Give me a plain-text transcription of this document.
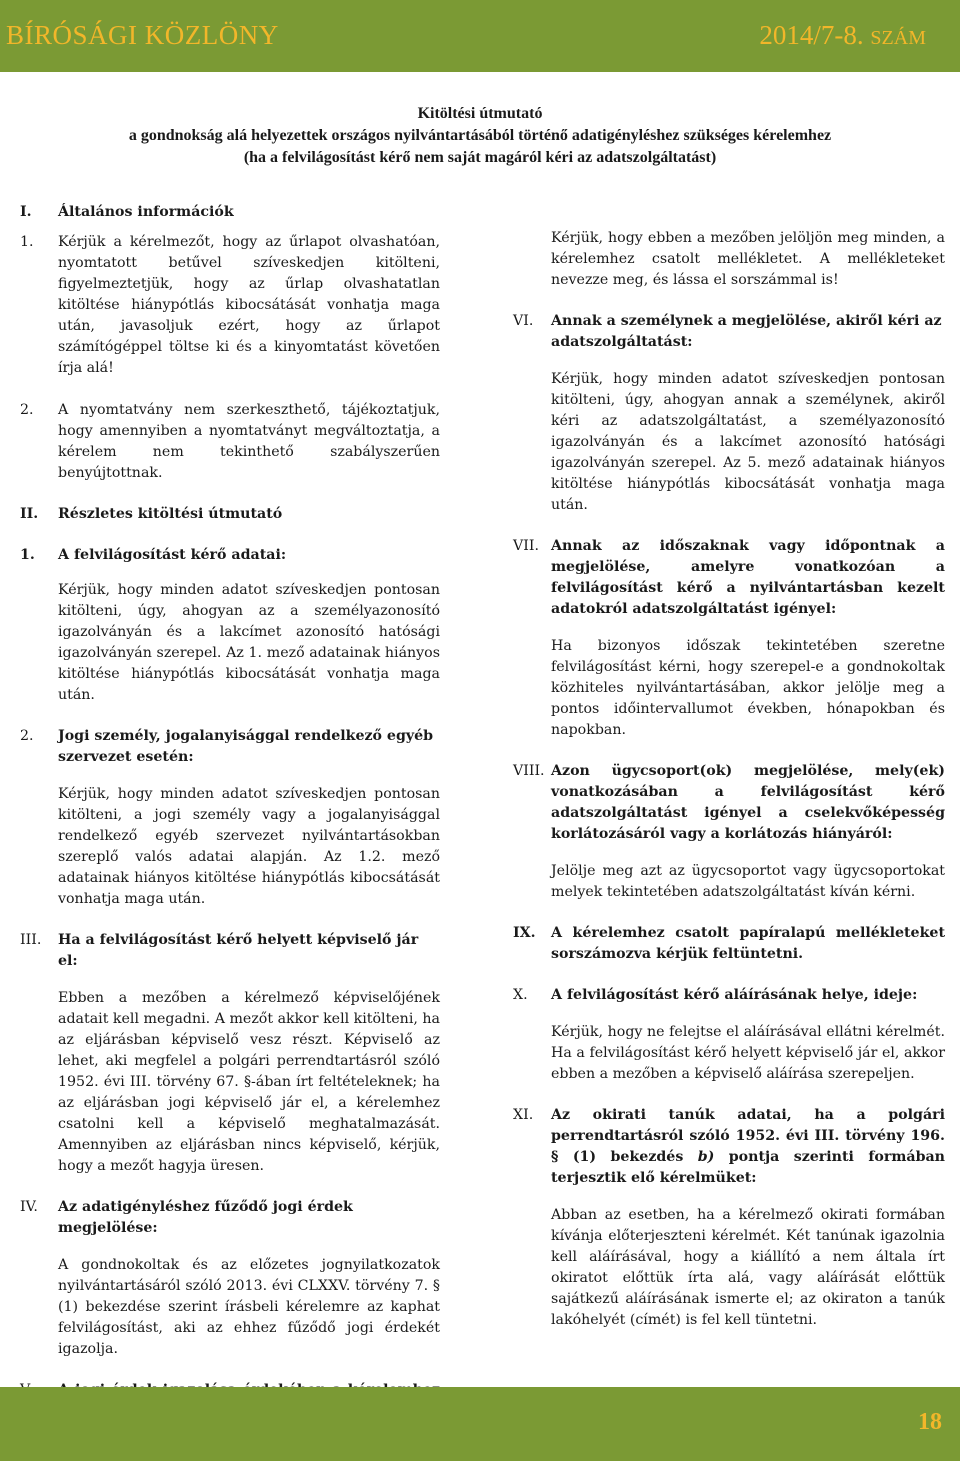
BÍRÓSÁGI KÖZLÖNY	2014/7-8. SZÁM
Kitöltési útmutató
a gondnokság alá helyezettek országos nyilvántartásából történő adatigényléshez szükséges kérelemhez
(ha a felvilágosítást kérő nem saját magáról kéri az adatszolgáltatást)
I.	Általános információk
1.	Kérjük a kérelmezőt, hogy az űrlapot olvashatóan, nyomtatott betűvel szíveskedjen kitölteni, figyelmeztetjük, hogy az űrlap olvashatatlan kitöltése hiánypótlás kibocsátását vonhatja maga után, javasoljuk ezért, hogy az űrlapot számítógéppel töltse ki és a kinyomtatást követően írja alá!
2.	A nyomtatvány nem szerkeszthető, tájékoztatjuk, hogy amennyiben a nyomtatványt megváltoztatja, a kérelem nem tekinthető szabályszerűen benyújtottnak.
II.	Részletes kitöltési útmutató
1.	A felvilágosítást kérő adatai:
Kérjük, hogy minden adatot szíveskedjen pontosan kitölteni, úgy, ahogyan az a személyazonosító igazolványán és a lakcímet azonosító hatósági igazolványán szerepel. Az 1. mező adatainak hiányos kitöltése hiánypótlás kibocsátását vonhatja maga után.
2.	Jogi személy, jogalanyisággal rendelkező egyéb szervezet esetén:
Kérjük, hogy minden adatot szíveskedjen pontosan kitölteni, a jogi személy vagy a jogalanyisággal rendelkező egyéb szervezet nyilvántartásokban szereplő valós adatai alapján. Az 1.2. mező adatainak hiányos kitöltése hiánypótlás kibocsátását vonhatja maga után.
III.	Ha a felvilágosítást kérő helyett képviselő jár el:
Ebben a mezőben a kérelmező képviselőjének adatait kell megadni. A mezőt akkor kell kitölteni, ha az eljárásban képviselő vesz részt. Képviselő az lehet, aki megfelel a polgári perrendtartásról szóló 1952. évi III. törvény 67. §-ában írt feltételeknek; ha az eljárásban jogi képviselő jár el, a kérelemhez csatolni kell a képviselő meghatalmazását. Amennyiben az eljárásban nincs képviselő, kérjük, hogy a mezőt hagyja üresen.
IV.	Az adatigényléshez fűződő jogi érdek megjelölése:
A gondnokoltak és az előzetes jognyilatkozatok nyilvántartásáról szóló 2013. évi CLXXV. törvény 7. § (1) bekezdése szerint írásbeli kérelemre az kaphat felvilágosítást, aki az ehhez fűződő jogi érdekét igazolja.
Kérjük, hogy ebben a mezőben jelöljön meg minden, a kérelemhez csatolt mellékletet. A mellékleteket nevezze meg, és lássa el sorszámmal is!
VI.	Annak a személynek a megjelölése, akiről kéri az adatszolgáltatást:
Kérjük, hogy minden adatot szíveskedjen pontosan kitölteni, úgy, ahogyan annak a személynek, akiről kéri az adatszolgáltatást, a személyazonosító igazolványán és a lakcímet azonosító hatósági igazolványán szerepel. Az 5. mező adatainak hiányos kitöltése hiánypótlás kibocsátását vonhatja maga után.
VII. Annak az időszaknak vagy időpontnak a megjelölése, amelyre vonatkozóan a felvilágosítást kérő a nyilvántartásban kezelt adatokról adatszolgáltatást igényel:
Ha bizonyos időszak tekintetében szeretne felvilágosítást kérni, hogy szerepel-e a gondnokoltak közhiteles nyilvántartásában, akkor jelölje meg a pontos időintervallumot években, hónapokban és napokban.
VIII. Azon ügycsoport(ok) megjelölése, mely(ek) vonatkozásában a felvilágosítást kérő adatszolgáltatást igényel a cselekvőképesség korlátozásáról vagy a korlátozás hiányáról:
Jelölje meg azt az ügycsoportot vagy ügycsoportokat melyek tekintetében adatszolgáltatást kíván kérni.
IX.	A kérelemhez csatolt papíralapú mellékleteket sorszámozva kérjük feltüntetni.
X.	A felvilágosítást kérő aláírásának helye, ideje:
Kérjük, hogy ne felejtse el aláírásával ellátni kérelmét. Ha a felvilágosítást kérő helyett képviselő jár el, akkor ebben a mezőben a képviselő aláírása szerepeljen.
XI.	Az okirati tanúk adatai, ha a polgári perrendtartásról szóló 1952. évi III. törvény 196. § (1) bekezdés b) pontja szerinti formában terjesztik elő kérelmüket:
Abban az esetben, ha a kérelmező okirati formában kívánja előterjeszteni kérelmét. Két tanúnak igazolnia kell aláírásával, hogy a kiállító a nem általa írt okiratot előttük írta alá, vagy aláírását előttük sajátkezű aláírásának ismerte el; az okiraton a tanúk lakóhelyét (címét) is fel kell tüntetni.
18
